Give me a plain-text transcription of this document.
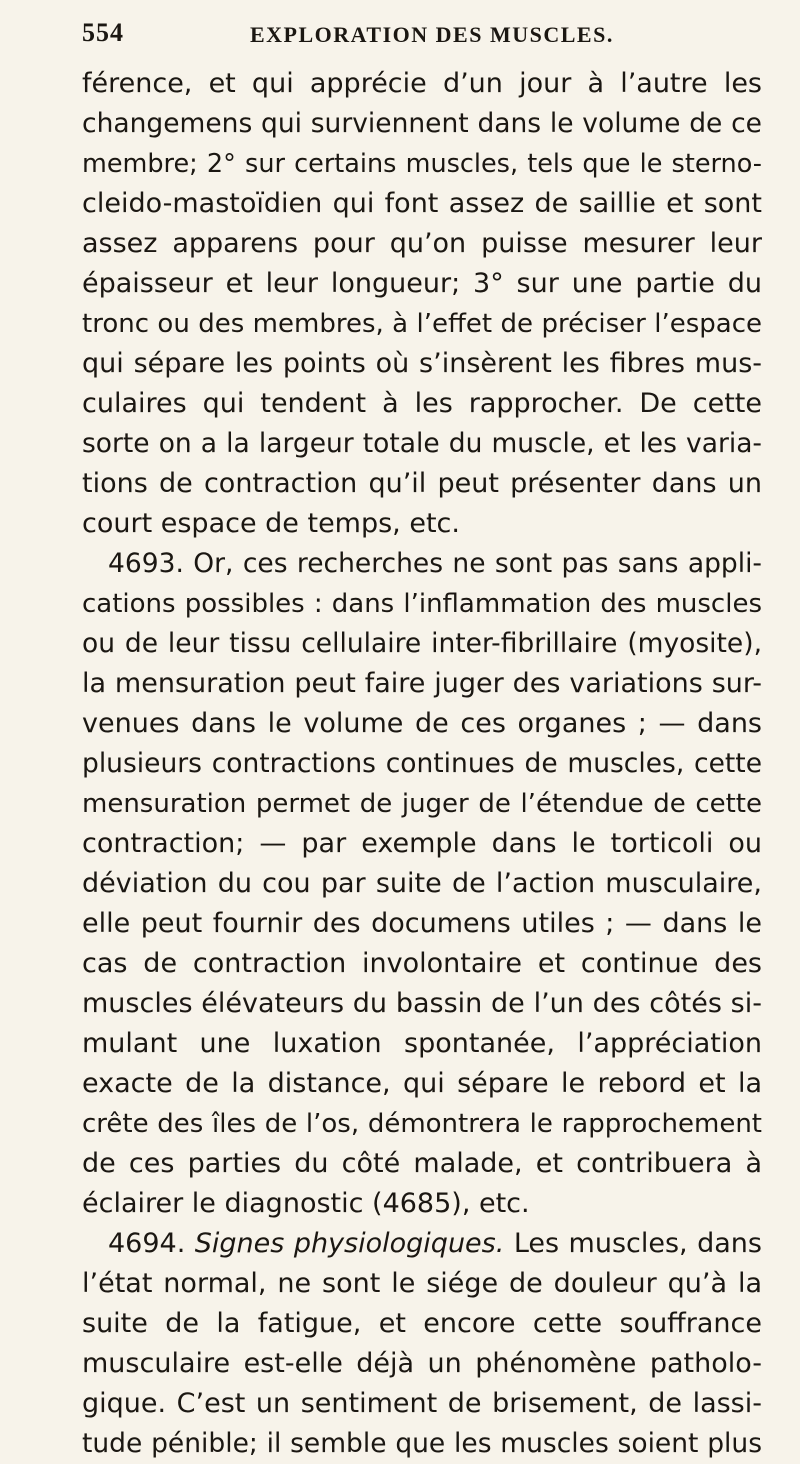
554	EXPLORATION DES MUSCLES.
férence, et qui apprécie d’un jour à l’autre les
changemens qui surviennent dans le volume de ce
membre; 2° sur certains muscles, tels que le sterno-
cleido-mastoïdien qui font assez de saillie et sont
assez apparens pour qu’on puisse mesurer leur
épaisseur et leur longueur; 3° sur une partie du
tronc ou des membres, à l’effet de préciser l’espace
qui sépare les points où s’insèrent les fibres mus-
culaires qui tendent à les rapprocher. De cette
sorte on a la largeur totale du muscle, et les varia-
tions de contraction qu’il peut présenter dans un
court espace de temps, etc.
4693. Or, ces recherches ne sont pas sans appli-
cations possibles : dans l’inflammation des muscles
ou de leur tissu cellulaire inter-fibrillaire (myosite),
la mensuration peut faire juger des variations sur-
venues dans le volume de ces organes ; — dans
plusieurs contractions continues de muscles, cette
mensuration permet de juger de l’étendue de cette
contraction; — par exemple dans le torticoli ou
déviation du cou par suite de l’action musculaire,
elle peut fournir des documens utiles ; — dans le
cas de contraction involontaire et continue des
muscles élévateurs du bassin de l’un des côtés si-
mulant une luxation spontanée, l’appréciation
exacte de la distance, qui sépare le rebord et la
crête des îles de l’os, démontrera le rapprochement
de ces parties du côté malade, et contribuera à
éclairer le diagnostic (4685), etc.
4694. Signes physiologiques. Les muscles, dans
l’état normal, ne sont le siége de douleur qu’à la
suite de la fatigue, et encore cette souffrance
musculaire est-elle déjà un phénomène patholo-
gique. C’est un sentiment de brisement, de lassi-
tude pénible; il semble que les muscles soient plus
